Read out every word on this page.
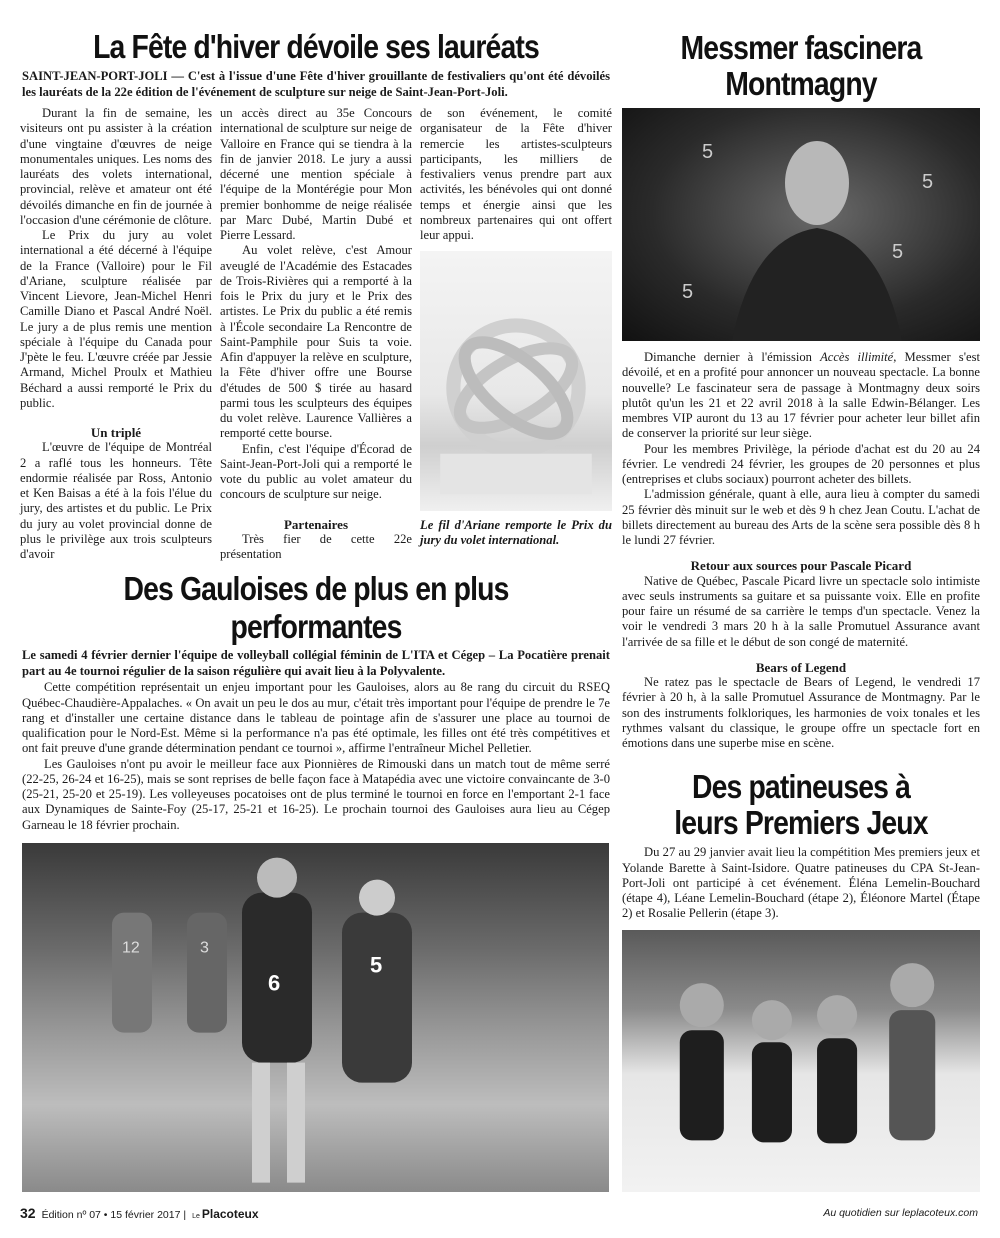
La Fête d'hiver dévoile ses lauréats
SAINT-JEAN-PORT-JOLI — C'est à l'issue d'une Fête d'hiver grouillante de festivaliers qu'ont été dévoilés les lauréats de la 22e édition de l'événement de sculpture sur neige de Saint-Jean-Port-Joli.

Durant la fin de semaine, les visiteurs ont pu assister à la création d'une vingtaine d'œuvres de neige monumentales uniques. Les noms des lauréats des volets international, provincial, relève et amateur ont été dévoilés dimanche en fin de journée à l'occasion d'une cérémonie de clôture.

Le Prix du jury au volet international a été décerné à l'équipe de la France (Valloire) pour le Fil d'Ariane, sculpture réalisée par Vincent Lievore, Jean-Michel Henri Camille Diano et Pascal André Noël. Le jury a de plus remis une mention spéciale à l'équipe du Canada pour J'pète le feu. L'œuvre créée par Jessie Armand, Michel Proulx et Mathieu Béchard a aussi remporté le Prix du public.

Un triplé

L'œuvre de l'équipe de Montréal 2 a raflé tous les honneurs. Tête endormie réalisée par Ross, Antonio et Ken Baisas a été à la fois l'élue du jury, des artistes et du public. Le Prix du jury au volet provincial donne de plus le privilège aux trois sculpteurs d'avoir

un accès direct au 35e Concours international de sculpture sur neige de Valloire en France qui se tiendra à la fin de janvier 2018. Le jury a aussi décerné une mention spéciale à l'équipe de la Montérégie pour Mon premier bonhomme de neige réalisée par Marc Dubé, Martin Dubé et Pierre Lessard.

Au volet relève, c'est Amour aveuglé de l'Académie des Estacades de Trois-Rivières qui a remporté à la fois le Prix du jury et le Prix des artistes. Le Prix du public a été remis à l'École secondaire La Rencontre de Saint-Pamphile pour Suis ta voie. Afin d'appuyer la relève en sculpture, la Fête d'hiver offre une Bourse d'études de 500 $ tirée au hasard parmi tous les sculpteurs des équipes du volet relève. Laurence Vallières a remporté cette bourse.

Enfin, c'est l'équipe d'Écorad de Saint-Jean-Port-Joli qui a remporté le vote du public au volet amateur du concours de sculpture sur neige.

Partenaires

Très fier de cette 22e présentation

de son événement, le comité organisateur de la Fête d'hiver remercie les artistes-sculpteurs participants, les milliers de festivaliers venus prendre part aux activités, les bénévoles qui ont donné temps et énergie ainsi que les nombreux partenaires qui ont offert leur appui.

Le fil d'Ariane remporte le Prix du jury du volet international.
Des Gauloises de plus en plus performantes
Le samedi 4 février dernier l'équipe de volleyball collégial féminin de L'ITA et Cégep – La Pocatière prenait part au 4e tournoi régulier de la saison régulière qui avait lieu à la Polyvalente.

Cette compétition représentait un enjeu important pour les Gauloises, alors au 8e rang du circuit du RSEQ Québec-Chaudière-Appalaches. « On avait un peu le dos au mur, c'était très important pour l'équipe de prendre le 7e rang et d'installer une certaine distance dans le tableau de pointage afin de s'assurer une place au tournoi de qualification pour le Nord-Est. Même si la performance n'a pas été optimale, les filles ont été très compétitives et ont fait preuve d'une grande détermination pendant ce tournoi », affirme l'entraîneur Michel Pelletier.

Les Gauloises n'ont pu avoir le meilleur face aux Pionnières de Rimouski dans un match tout de même serré (22-25, 26-24 et 16-25), mais se sont reprises de belle façon face à Matapédia avec une victoire convaincante de 3-0 (25-21, 25-20 et 25-19). Les volleyeuses pocatoises ont de plus terminé le tournoi en force en l'emportant 2-1 face aux Dynamiques de Sainte-Foy (25-17, 25-21 et 16-25). Le prochain tournoi des Gauloises aura lieu au Cégep Garneau le 18 février prochain.

6
5
12	3
Messmer fascinera Montmagny
5
5
5
5

Dimanche dernier à l'émission Accès illimité, Messmer s'est dévoilé, et en a profité pour annoncer un nouveau spectacle. La bonne nouvelle? Le fascinateur sera de passage à Montmagny deux soirs plutôt qu'un les 21 et 22 avril 2018 à la salle Edwin-Bélanger. Les membres VIP auront du 13 au 17 février pour acheter leur billet afin de conserver la priorité sur leur siège.

Pour les membres Privilège, la période d'achat est du 20 au 24 février. Le vendredi 24 février, les groupes de 20 personnes et plus (entreprises et clubs sociaux) pourront acheter des billets.

L'admission générale, quant à elle, aura lieu à compter du samedi 25 février dès minuit sur le web et dès 9 h chez Jean Coutu. L'achat de billets directement au bureau des Arts de la scène sera possible dès 8 h le lundi 27 février.

Retour aux sources pour Pascale Picard

Native de Québec, Pascale Picard livre un spectacle solo intimiste avec seuls instruments sa guitare et sa puissante voix. Elle en profite pour faire un résumé de sa carrière le temps d'un spectacle. Venez la voir le vendredi 3 mars 20 h à la salle Promutuel Assurance avant l'arrivée de sa fille et le début de son congé de maternité.

Bears of Legend

Ne ratez pas le spectacle de Bears of Legend, le vendredi 17 février à 20 h, à la salle Promutuel Assurance de Montmagny. Par le son des instruments folkloriques, les harmonies de voix tonales et les rythmes valsant du classique, le groupe offre un spectacle fort en émotions dans une superbe mise en scène.

Des patineuses à leurs Premiers Jeux

Du 27 au 29 janvier avait lieu la compétition Mes premiers jeux et Yolande Barette à Saint-Isidore. Quatre patineuses du CPA St-Jean-Port-Joli ont participé à cet événement. Éléna Lemelin-Bouchard (étape 4), Léane Lemelin-Bouchard (étape 2), Éléonore Martel (Étape 2) et Rosalie Pellerin (étape 3).

32 Édition nº 07 • 15 février 2017 | Le Placoteux	Au quotidien sur leplacoteux.com
